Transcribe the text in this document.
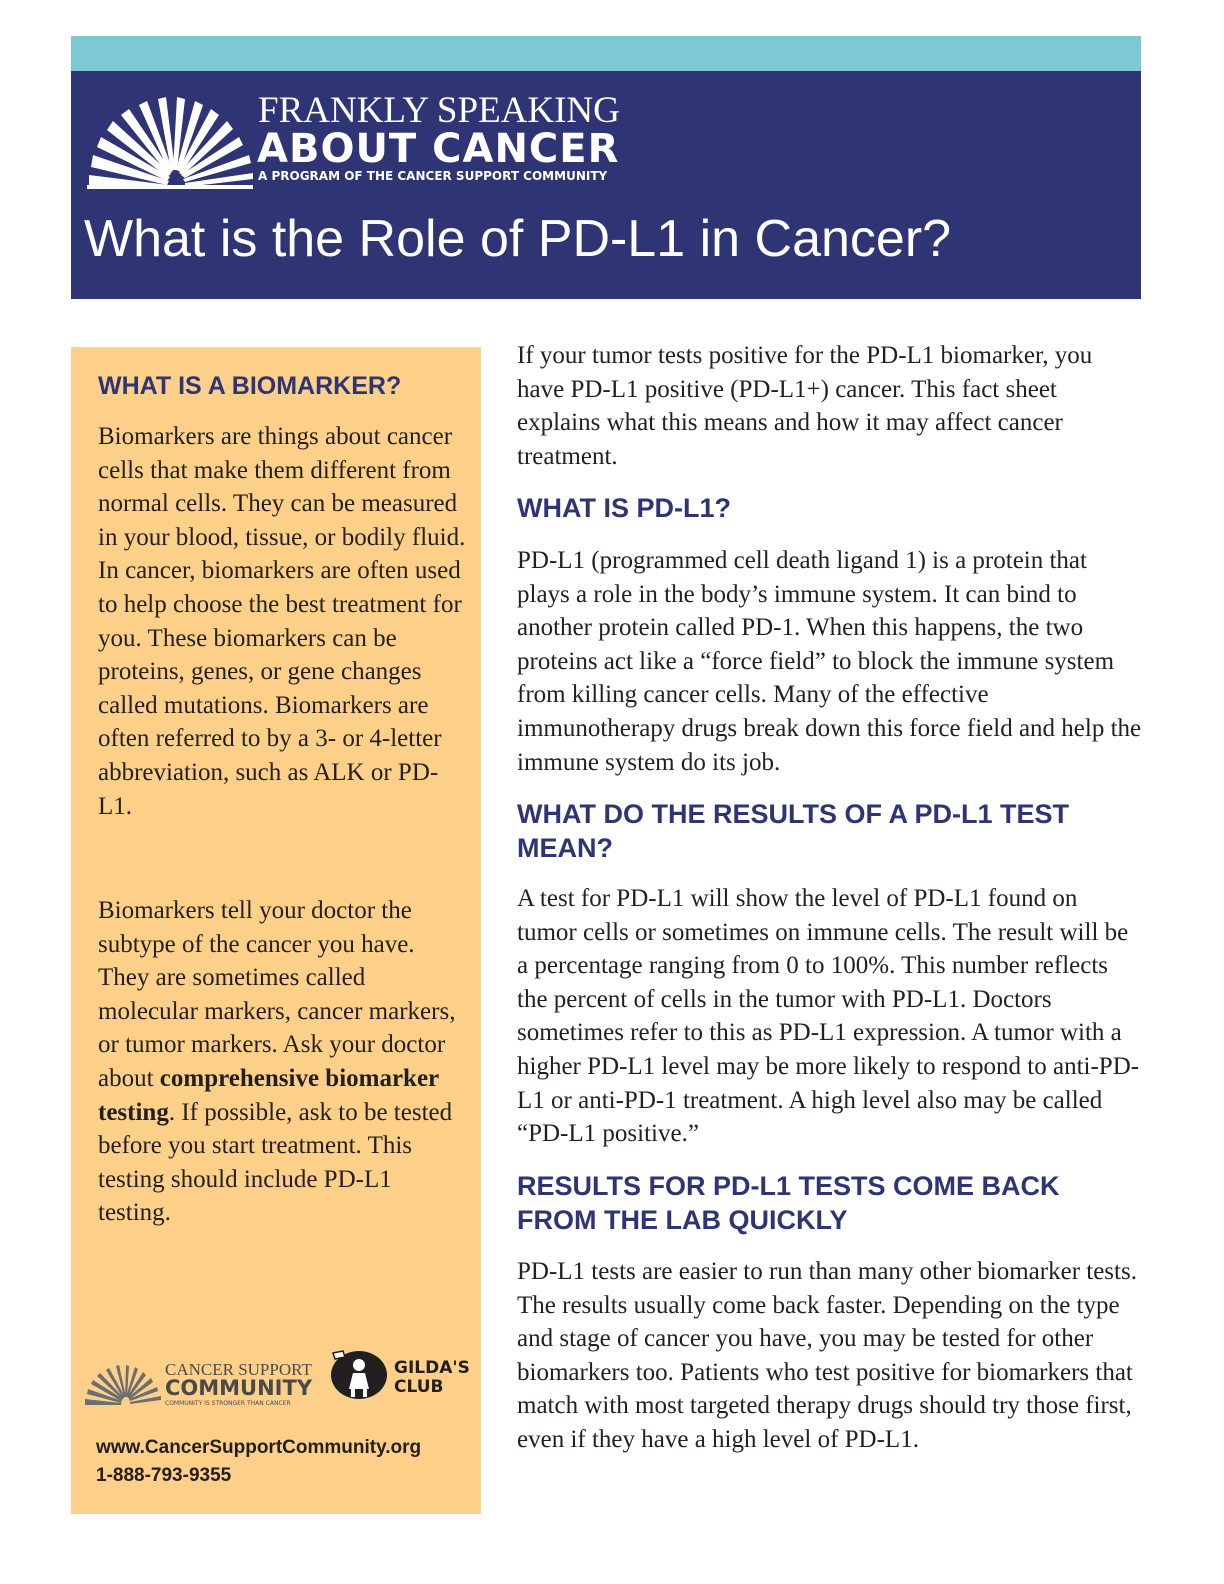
FRANKLY SPEAKING
ABOUT CANCER
A PROGRAM OF THE CANCER SUPPORT COMMUNITY
What is the Role of PD-L1 in Cancer?
WHAT IS A BIOMARKER?

Biomarkers are things about cancer cells that make them different from normal cells. They can be measured in your blood, tissue, or bodily fluid. In cancer, biomarkers are often used to help choose the best treatment for you. These biomarkers can be proteins, genes, or gene changes called mutations. Biomarkers are often referred to by a 3- or 4-letter abbreviation, such as ALK or PD-L1.

Biomarkers tell your doctor the subtype of the cancer you have. They are sometimes called molecular markers, cancer markers, or tumor markers. Ask your doctor about comprehensive biomarker testing. If possible, ask to be tested before you start treatment. This testing should include PD-L1 testing.

CANCER SUPPORT
COMMUNITY
COMMUNITY IS STRONGER THAN CANCER
GILDA'S
CLUB
www.CancerSupportCommunity.org
1-888-793-9355

If your tumor tests positive for the PD-L1 biomarker, you have PD-L1 positive (PD-L1+) cancer. This fact sheet explains what this means and how it may affect cancer treatment.

WHAT IS PD-L1?

PD-L1 (programmed cell death ligand 1) is a protein that plays a role in the body’s immune system. It can bind to another protein called PD-1. When this happens, the two proteins act like a “force field” to block the immune system from killing cancer cells. Many of the effective immunotherapy drugs break down this force field and help the immune system do its job.

WHAT DO THE RESULTS OF A PD-L1 TEST MEAN?

A test for PD-L1 will show the level of PD-L1 found on tumor cells or sometimes on immune cells. The result will be a percentage ranging from 0 to 100%. This number reflects the percent of cells in the tumor with PD-L1. Doctors sometimes refer to this as PD-L1 expression. A tumor with a higher PD-L1 level may be more likely to respond to anti-PD-L1 or anti-PD-1 treatment. A high level also may be called “PD-L1 positive.”

RESULTS FOR PD-L1 TESTS COME BACK FROM THE LAB QUICKLY

PD-L1 tests are easier to run than many other biomarker tests. The results usually come back faster. Depending on the type and stage of cancer you have, you may be tested for other biomarkers too. Patients who test positive for biomarkers that match with most targeted therapy drugs should try those first, even if they have a high level of PD-L1.
